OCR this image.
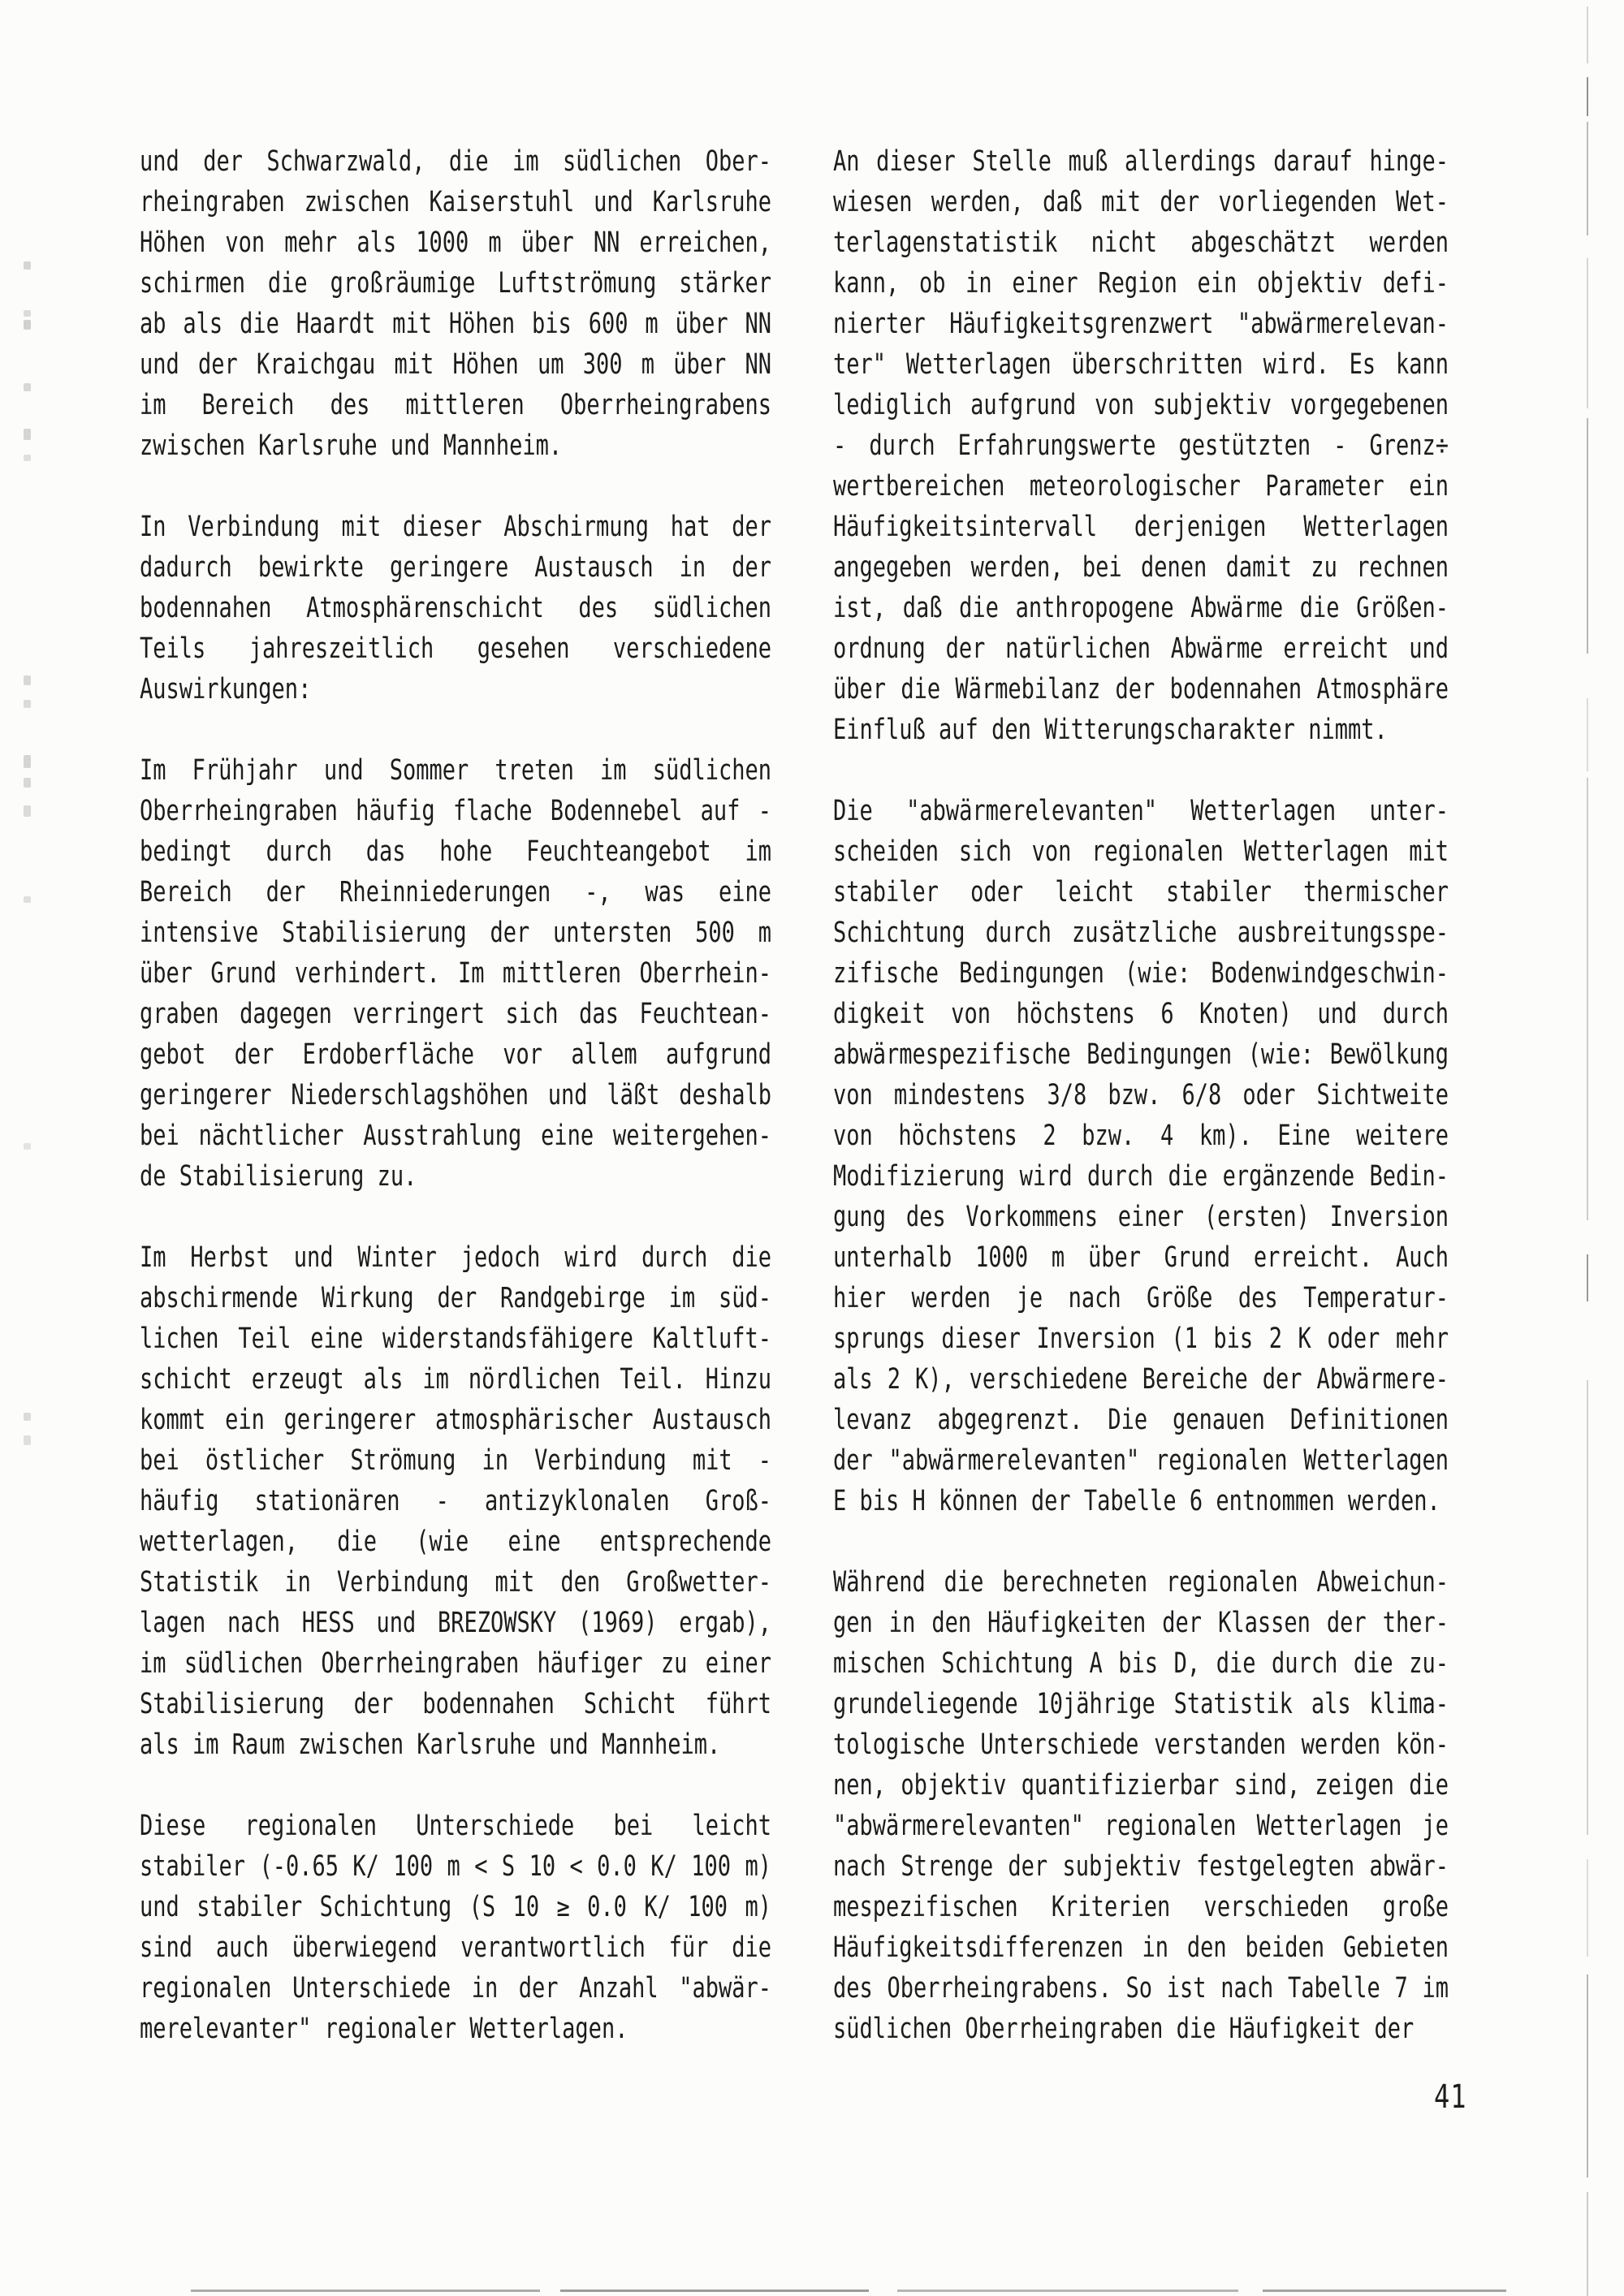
und der Schwarzwald, die im südlichen Ober-
rheingraben zwischen Kaiserstuhl und Karlsruhe
Höhen von mehr als 1000 m über NN erreichen,
schirmen die großräumige Luftströmung stärker
ab als die Haardt mit Höhen bis 600 m über NN
und der Kraichgau mit Höhen um 300 m über NN
im Bereich des mittleren Oberrheingrabens
zwischen Karlsruhe und Mannheim.
In Verbindung mit dieser Abschirmung hat der
dadurch bewirkte geringere Austausch in der
bodennahen Atmosphärenschicht des südlichen
Teils jahreszeitlich gesehen verschiedene
Auswirkungen:
Im Frühjahr und Sommer treten im südlichen
Oberrheingraben häufig flache Bodennebel auf -
bedingt durch das hohe Feuchteangebot im
Bereich der Rheinniederungen -, was eine
intensive Stabilisierung der untersten 500 m
über Grund verhindert. Im mittleren Oberrhein-
graben dagegen verringert sich das Feuchtean-
gebot der Erdoberfläche vor allem aufgrund
geringerer Niederschlagshöhen und läßt deshalb
bei nächtlicher Ausstrahlung eine weitergehen-
de Stabilisierung zu.
Im Herbst und Winter jedoch wird durch die
abschirmende Wirkung der Randgebirge im süd-
lichen Teil eine widerstandsfähigere Kaltluft-
schicht erzeugt als im nördlichen Teil. Hinzu
kommt ein geringerer atmosphärischer Austausch
bei östlicher Strömung in Verbindung mit -
häufig stationären - antizyklonalen Groß-
wetterlagen, die (wie eine entsprechende
Statistik in Verbindung mit den Großwetter-
lagen nach HESS und BREZOWSKY (1969) ergab),
im südlichen Oberrheingraben häufiger zu einer
Stabilisierung der bodennahen Schicht führt
als im Raum zwischen Karlsruhe und Mannheim.
Diese regionalen Unterschiede bei leicht
stabiler (-0.65 K/ 100 m < S 10 < 0.0 K/ 100 m)
und stabiler Schichtung (S 10 ≥ 0.0 K/ 100 m)
sind auch überwiegend verantwortlich für die
regionalen Unterschiede in der Anzahl "abwär-
merelevanter" regionaler Wetterlagen.
An dieser Stelle muß allerdings darauf hinge-
wiesen werden, daß mit der vorliegenden Wet-
terlagenstatistik nicht abgeschätzt werden
kann, ob in einer Region ein objektiv defi-
nierter Häufigkeitsgrenzwert "abwärmerelevan-
ter" Wetterlagen überschritten wird. Es kann
lediglich aufgrund von subjektiv vorgegebenen
- durch Erfahrungswerte gestützten - Grenz÷
wertbereichen meteorologischer Parameter ein
Häufigkeitsintervall derjenigen Wetterlagen
angegeben werden, bei denen damit zu rechnen
ist, daß die anthropogene Abwärme die Größen-
ordnung der natürlichen Abwärme erreicht und
über die Wärmebilanz der bodennahen Atmosphäre
Einfluß auf den Witterungscharakter nimmt.
Die "abwärmerelevanten" Wetterlagen unter-
scheiden sich von regionalen Wetterlagen mit
stabiler oder leicht stabiler thermischer
Schichtung durch zusätzliche ausbreitungsspe-
zifische Bedingungen (wie: Bodenwindgeschwin-
digkeit von höchstens 6 Knoten) und durch
abwärmespezifische Bedingungen (wie: Bewölkung
von mindestens 3/8 bzw. 6/8 oder Sichtweite
von höchstens 2 bzw. 4 km). Eine weitere
Modifizierung wird durch die ergänzende Bedin-
gung des Vorkommens einer (ersten) Inversion
unterhalb 1000 m über Grund erreicht. Auch
hier werden je nach Größe des Temperatur-
sprungs dieser Inversion (1 bis 2 K oder mehr
als 2 K), verschiedene Bereiche der Abwärmere-
levanz abgegrenzt. Die genauen Definitionen
der "abwärmerelevanten" regionalen Wetterlagen
E bis H können der Tabelle 6 entnommen werden.
Während die berechneten regionalen Abweichun-
gen in den Häufigkeiten der Klassen der ther-
mischen Schichtung A bis D, die durch die zu-
grundeliegende 10jährige Statistik als klima-
tologische Unterschiede verstanden werden kön-
nen, objektiv quantifizierbar sind, zeigen die
"abwärmerelevanten" regionalen Wetterlagen je
nach Strenge der subjektiv festgelegten abwär-
mespezifischen Kriterien verschieden große
Häufigkeitsdifferenzen in den beiden Gebieten
des Oberrheingrabens. So ist nach Tabelle 7 im
südlichen Oberrheingraben die Häufigkeit der
41
